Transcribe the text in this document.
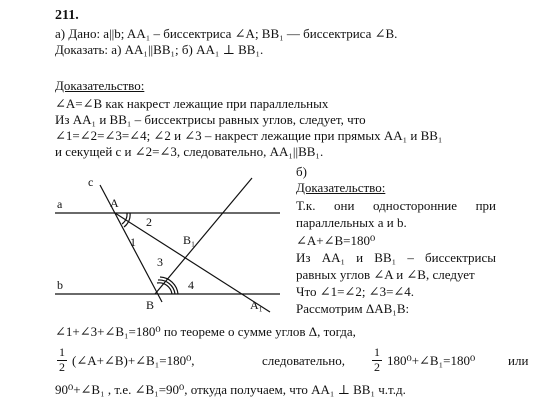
211.
а) Дано: a||b; AA₁ – биссектриса ∠A; BB₁ — биссектриса ∠B.
Доказать: а) AA₁||BB₁; б) AA₁ ⊥ BB₁.
Доказательство:
∠A=∠B как накрест лежащие при параллельных
Из AA₁ и BB₁ – биссектрисы равных углов, следует, что
∠1=∠2=∠3=∠4; ∠2 и ∠3 – накрест лежащие при прямых AA₁ и BB₁
и секущей c и ∠2=∠3, следовательно, AA₁||BB₁.
б)
Доказательство:
Т.к. они односторонние при
параллельных a и b.
∠A+∠B=180⁰
Из AA₁ и BB₁ – биссектрисы
равных углов ∠A и ∠B, следует
Что ∠1=∠2; ∠3=∠4.
Рассмотрим ΔAB₁B:
∠1+∠3+∠B₁=180⁰ по теореме о сумме углов Δ, тогда,
1
2 (∠A+∠B)+∠B₁=180⁰,	следовательно,
1
2 180⁰+∠B₁=180⁰	или
90⁰+∠B₁ , т.е. ∠B₁=90⁰, откуда получаем, что AA₁ ⊥ BB₁ ч.т.д.
c
a
b
A
B
B₁
A₁
1
2
3
4
